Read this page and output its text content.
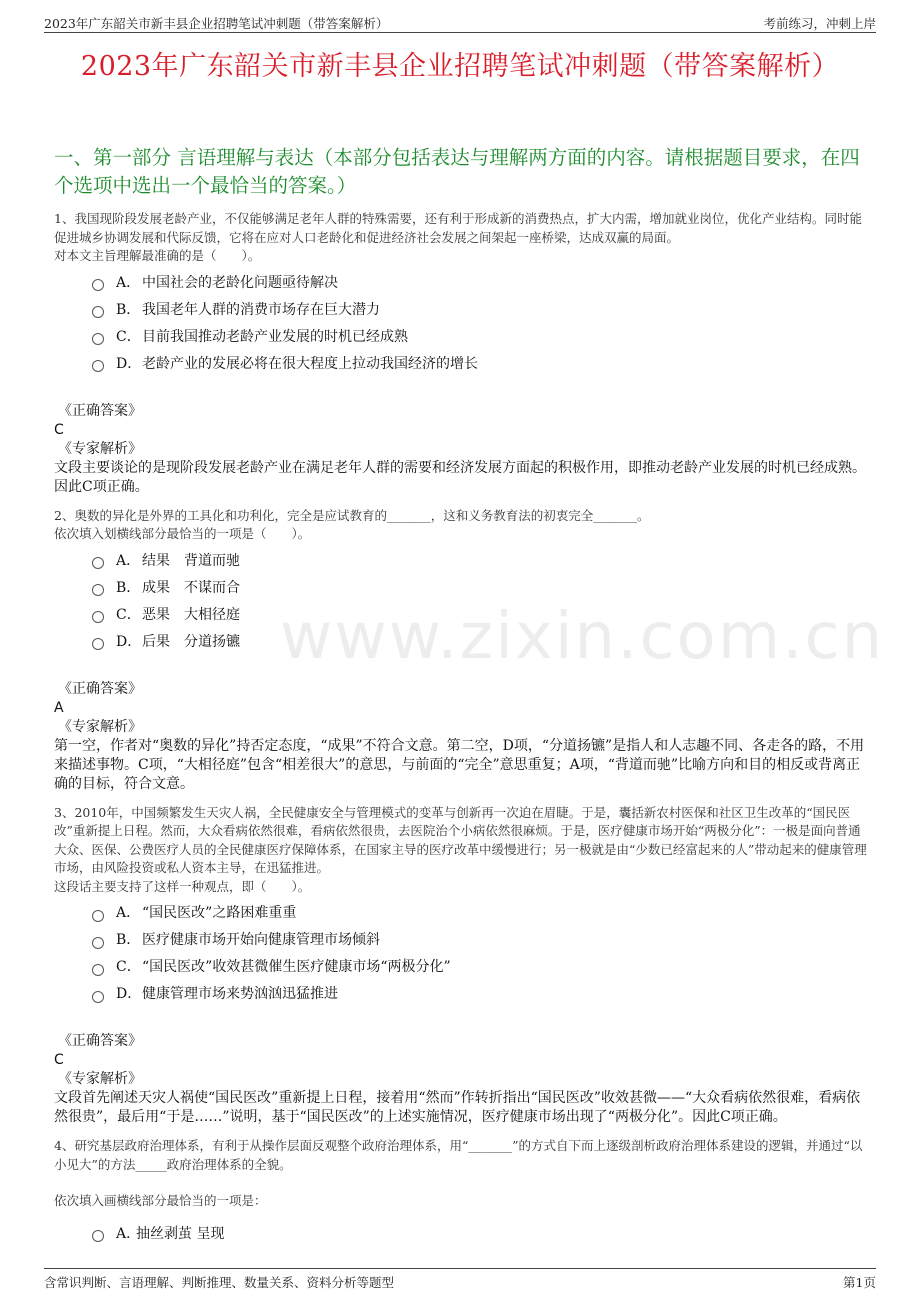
2023年广东韶关市新丰县企业招聘笔试冲刺题（带答案解析）	考前练习，冲刺上岸
2023年广东韶关市新丰县企业招聘笔试冲刺题（带答案解析）
www.zixin.com.cn
一、第一部分 言语理解与表达（本部分包括表达与理解两方面的内容。请根据题目要求，在四个选项中选出一个最恰当的答案。）
1、我国现阶段发展老龄产业，不仅能够满足老年人群的特殊需要，还有利于形成新的消费热点，扩大内需，增加就业岗位，优化产业结构。同时能促进城乡协调发展和代际反馈，它将在应对人口老龄化和促进经济社会发展之间架起一座桥梁，达成双赢的局面。
对本文主旨理解最准确的是（　　）。
A． 中国社会的老龄化问题亟待解决
B． 我国老年人群的消费市场存在巨大潜力
C． 目前我国推动老龄产业发展的时机已经成熟
D． 老龄产业的发展必将在很大程度上拉动我国经济的增长
《正确答案》
C
《专家解析》
文段主要谈论的是现阶段发展老龄产业在满足老年人群的需要和经济发展方面起的积极作用，即推动老龄产业发展的时机已经成熟。因此C项正确。
2、奥数的异化是外界的工具化和功利化，完全是应试教育的_______，这和义务教育法的初衷完全_______。
依次填入划横线部分最恰当的一项是（　　）。
A． 结果　背道而驰
B． 成果　不谋而合
C． 恶果　大相径庭
D． 后果　分道扬镳
《正确答案》
A
《专家解析》
第一空，作者对“奥数的异化”持否定态度，“成果”不符合文意。第二空，D项，“分道扬镳”是指人和人志趣不同、各走各的路，不用来描述事物。C项，“大相径庭”包含“相差很大”的意思，与前面的“完全”意思重复；A项，“背道而驰”比喻方向和目的相反或背离正确的目标，符合文意。
3、2010年，中国频繁发生天灾人祸，全民健康安全与管理模式的变革与创新再一次迫在眉睫。于是，囊括新农村医保和社区卫生改革的“国民医改”重新提上日程。然而，大众看病依然很难，看病依然很贵，去医院治个小病依然很麻烦。于是，医疗健康市场开始“两极分化”：一极是面向普通大众、医保、公费医疗人员的全民健康医疗保障体系，在国家主导的医疗改革中缓慢进行；另一极就是由“少数已经富起来的人”带动起来的健康管理市场，由风险投资或私人资本主导，在迅猛推进。
这段话主要支持了这样一种观点，即（　　）。
A． “国民医改”之路困难重重
B． 医疗健康市场开始向健康管理市场倾斜
C． “国民医改”收效甚微催生医疗健康市场“两极分化”
D． 健康管理市场来势汹汹迅猛推进
《正确答案》
C
《专家解析》
文段首先阐述天灾人祸使“国民医改”重新提上日程，接着用“然而”作转折指出“国民医改”收效甚微——“大众看病依然很难，看病依然很贵”，最后用“于是……”说明，基于“国民医改”的上述实施情况，医疗健康市场出现了“两极分化”。因此C项正确。
4、研究基层政府治理体系，有利于从操作层面反观整个政府治理体系，用“_______”的方式自下而上逐级剖析政府治理体系建设的逻辑，并通过“以小见大”的方法_____政府治理体系的全貌。
依次填入画横线部分最恰当的一项是：
A．
抽丝剥茧 呈现
含常识判断、言语理解、判断推理、数量关系、资料分析等题型	第1页
